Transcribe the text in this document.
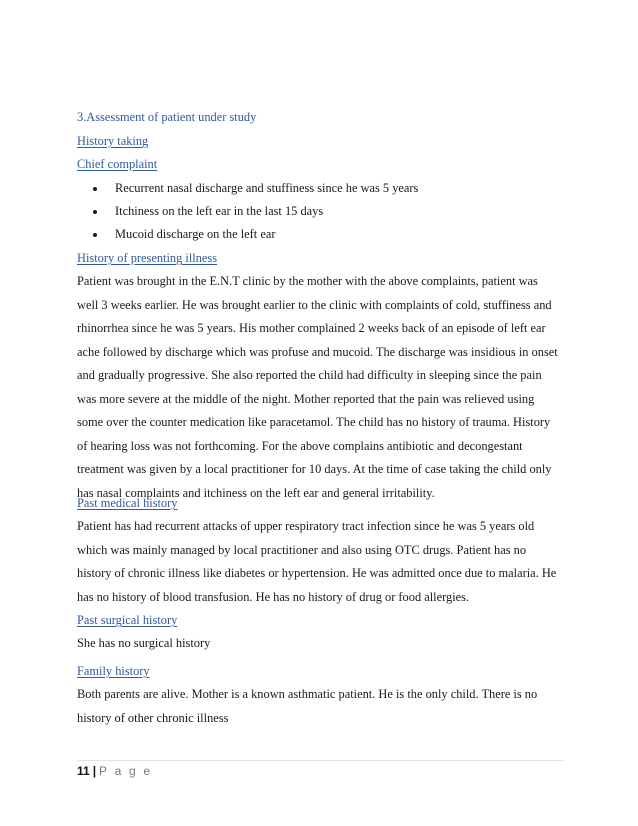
3.Assessment of patient under study
History taking
Chief complaint
Recurrent nasal discharge and stuffiness since he was 5 years
Itchiness on the left ear in the last 15 days
Mucoid discharge on the left ear
History of presenting illness
Patient was brought in the E.N.T clinic by the mother with the above complaints, patient was
well 3 weeks earlier. He was brought earlier to the clinic with complaints of cold, stuffiness and
rhinorrhea since he was 5 years. His mother complained 2 weeks back of an episode of left ear
ache followed by discharge which was profuse and mucoid. The discharge was insidious in onset
and gradually progressive. She also reported the child had difficulty in sleeping since the pain
was more severe at the middle of the night. Mother reported that the pain was relieved using
some over the counter medication like paracetamol. The child has no history of trauma. History
of hearing loss was not forthcoming. For the above complains antibiotic and decongestant
treatment was given by a local practitioner for 10 days. At the time of case taking the child only
has nasal complaints and itchiness on the left ear and general irritability.
Past medical history
Patient has had recurrent attacks of upper respiratory tract infection since he was 5 years old
which was mainly managed by local practitioner and also using OTC drugs. Patient has no
history of chronic illness like diabetes or hypertension. He was admitted once due to malaria. He
has no history of blood transfusion. He has no history of drug or food allergies.
Past surgical history
She has no surgical history
Family history
Both parents are alive. Mother is a known asthmatic patient. He is the only child. There is no
history of other chronic illness
11 | P a g e
